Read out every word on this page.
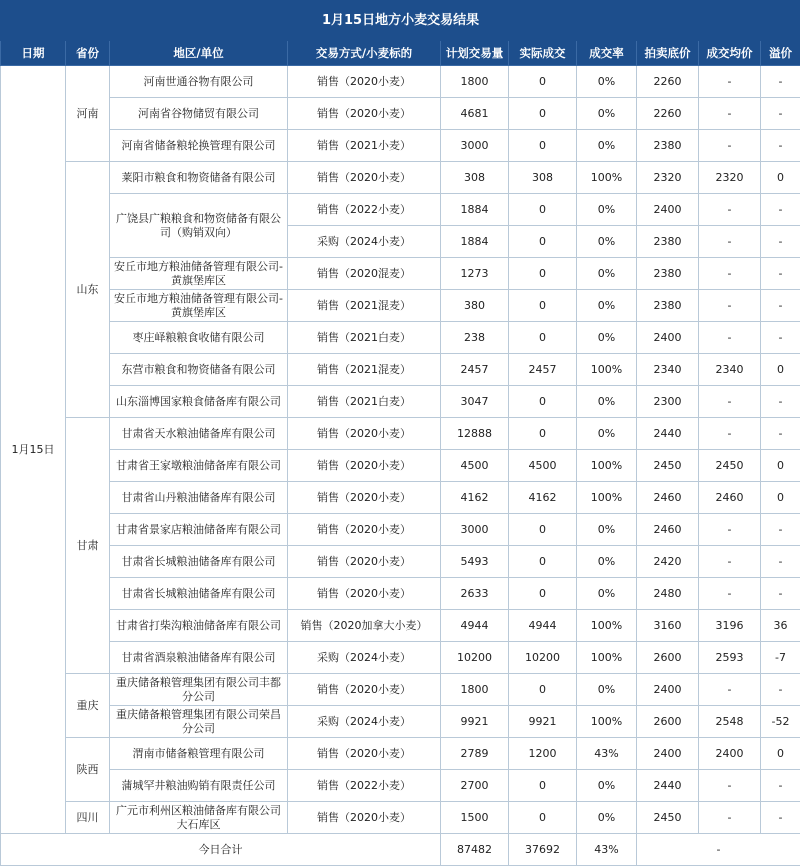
1月15日地方小麦交易结果									
日期	省份	地区/单位	交易方式/小麦标的	计划交易量	实际成交	成交率	拍卖底价	成交均价	溢价
1月15日	河南	河南世通谷物有限公司	销售（2020小麦）	1800	0	0%	2260	-	-
		河南省谷物储贸有限公司	销售（2020小麦）	4681	0	0%	2260	-	-
		河南省储备粮轮换管理有限公司	销售（2021小麦）	3000	0	0%	2380	-	-
	山东	莱阳市粮食和物资储备有限公司	销售（2020小麦）	308	308	100%	2320	2320	0
		广饶县广粮粮食和物资储备有限公司（购销双向）	销售（2022小麦）	1884	0	0%	2400	-	-
			采购（2024小麦）	1884	0	0%	2380	-	-
		安丘市地方粮油储备管理有限公司-黄旗堡库区	销售（2020混麦）	1273	0	0%	2380	-	-
		安丘市地方粮油储备管理有限公司-黄旗堡库区	销售（2021混麦）	380	0	0%	2380	-	-
		枣庄峄粮粮食收储有限公司	销售（2021白麦）	238	0	0%	2400	-	-
		东营市粮食和物资储备有限公司	销售（2021混麦）	2457	2457	100%	2340	2340	0
		山东淄博国家粮食储备库有限公司	销售（2021白麦）	3047	0	0%	2300	-	-
	甘肃	甘肃省天水粮油储备库有限公司	销售（2020小麦）	12888	0	0%	2440	-	-
		甘肃省王家墩粮油储备库有限公司	销售（2020小麦）	4500	4500	100%	2450	2450	0
		甘肃省山丹粮油储备库有限公司	销售（2020小麦）	4162	4162	100%	2460	2460	0
		甘肃省景家店粮油储备库有限公司	销售（2020小麦）	3000	0	0%	2460	-	-
		甘肃省长城粮油储备库有限公司	销售（2020小麦）	5493	0	0%	2420	-	-
		甘肃省长城粮油储备库有限公司	销售（2020小麦）	2633	0	0%	2480	-	-
		甘肃省打柴沟粮油储备库有限公司	销售（2020加拿大小麦）	4944	4944	100%	3160	3196	36
		甘肃省酒泉粮油储备库有限公司	采购（2024小麦）	10200	10200	100%	2600	2593	-7
	重庆	重庆储备粮管理集团有限公司丰都分公司	销售（2020小麦）	1800	0	0%	2400	-	-
		重庆储备粮管理集团有限公司荣昌分公司	采购（2024小麦）	9921	9921	100%	2600	2548	-52
	陕西	渭南市储备粮管理有限公司	销售（2020小麦）	2789	1200	43%	2400	2400	0
		蒲城罕井粮油购销有限责任公司	销售（2022小麦）	2700	0	0%	2440	-	-
	四川	广元市利州区粮油储备库有限公司大石库区	销售（2020小麦）	1500	0	0%	2450	-	-
今日合计				87482	37692	43%	-		
